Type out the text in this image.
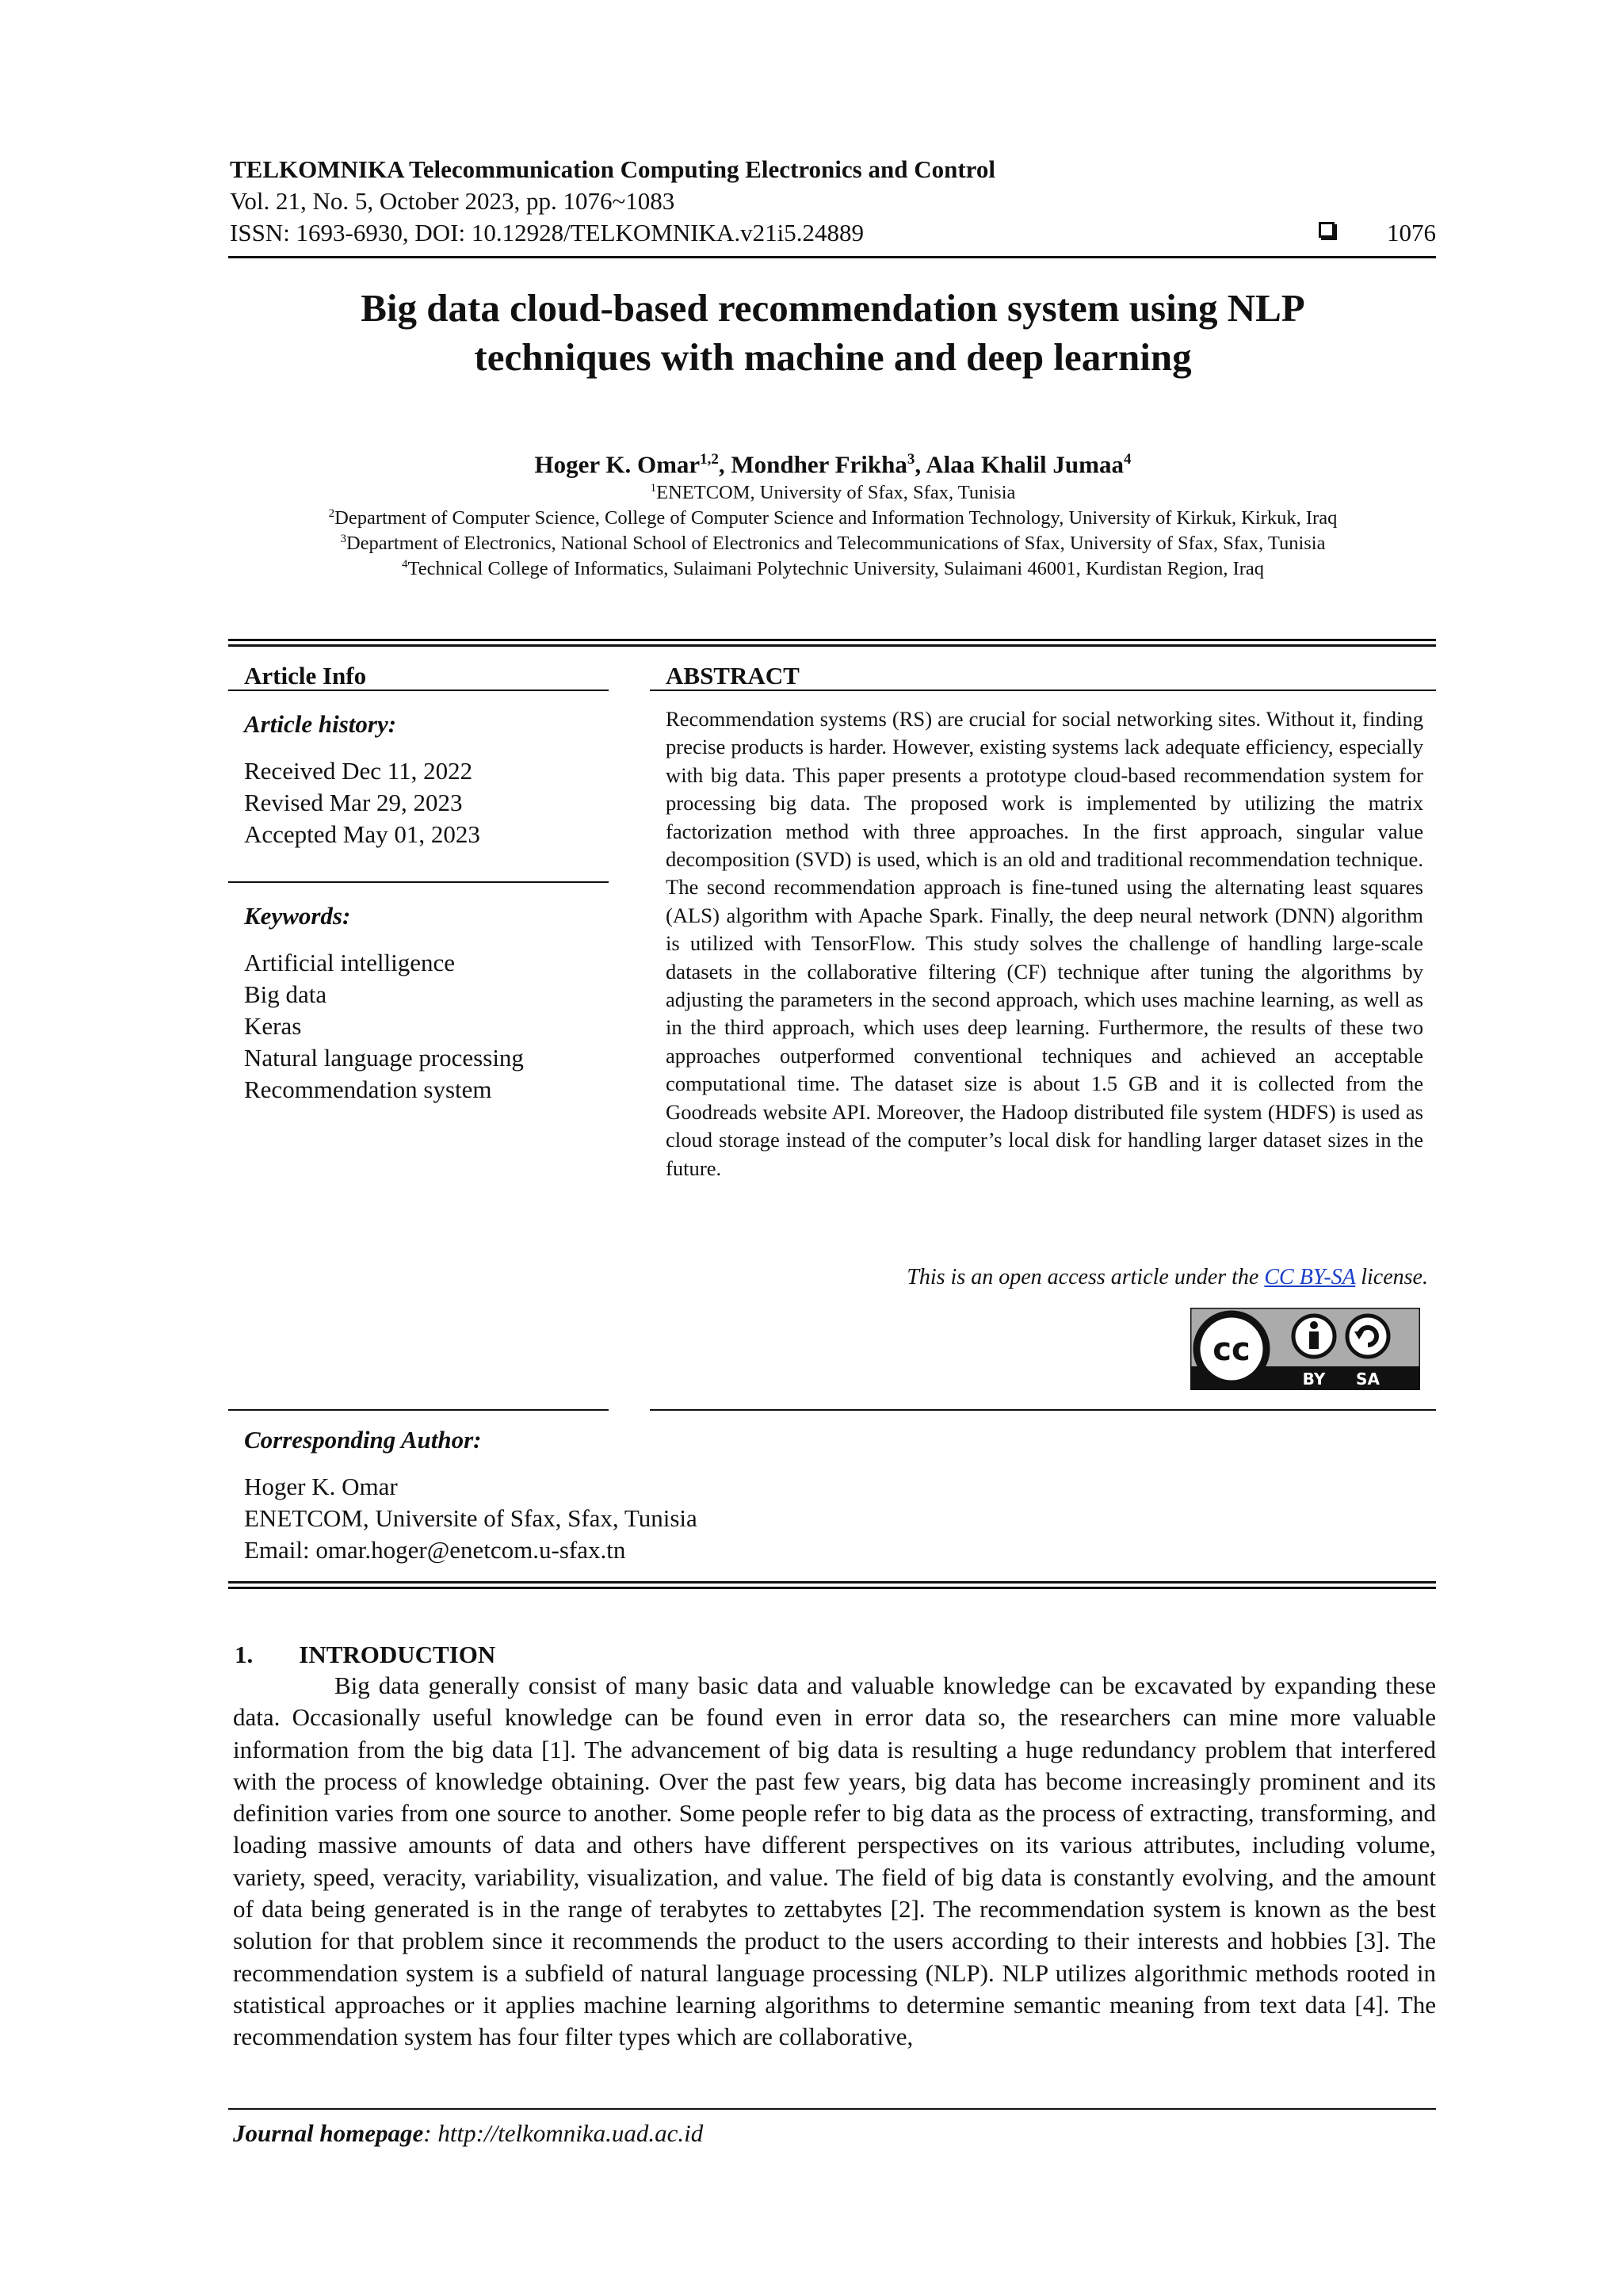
TELKOMNIKA Telecommunication Computing Electronics and Control
Vol. 21, No. 5, October 2023, pp. 1076~1083
ISSN: 1693-6930, DOI: 10.12928/TELKOMNIKA.v21i5.24889	1076
Big data cloud-based recommendation system using NLP
techniques with machine and deep learning
Hoger K. Omar$^{1,2}$, Mondher Frikha$^3$, Alaa Khalil Jumaa$^4$
$^1$ENETCOM, University of Sfax, Sfax, Tunisia
$^2$Department of Computer Science, College of Computer Science and Information Technology, University of Kirkuk, Kirkuk, Iraq
$^3$Department of Electronics, National School of Electronics and Telecommunications of Sfax, University of Sfax, Sfax, Tunisia
$^4$Technical College of Informatics, Sulaimani Polytechnic University, Sulaimani 46001, Kurdistan Region, Iraq
Article Info
Article history:
Received Dec 11, 2022
Revised Mar 29, 2023
Accepted May 01, 2023
Keywords:
Artificial intelligence
Big data
Keras
Natural language processing
Recommendation system
ABSTRACT
Recommendation systems (RS) are crucial for social networking sites. Without it, finding precise products is harder. However, existing systems lack adequate efficiency, especially with big data. This paper presents a prototype cloud-based recommendation system for processing big data. The proposed work is implemented by utilizing the matrix factorization method with three approaches. In the first approach, singular value decomposition (SVD) is used, which is an old and traditional recommendation technique. The second recommendation approach is fine-tuned using the alternating least squares (ALS) algorithm with Apache Spark. Finally, the deep neural network (DNN) algorithm is utilized with TensorFlow. This study solves the challenge of handling large-scale datasets in the collaborative filtering (CF) technique after tuning the algorithms by adjusting the parameters in the second approach, which uses machine learning, as well as in the third approach, which uses deep learning. Furthermore, the results of these two approaches outperformed conventional techniques and achieved an acceptable computational time. The dataset size is about 1.5 GB and it is collected from the Goodreads website API. Moreover, the Hadoop distributed file system (HDFS) is used as cloud storage instead of the computer’s local disk for handling larger dataset sizes in the future.
This is an open access article under the CC BY-SA license.
cc
BY SA
Corresponding Author:
Hoger K. Omar
ENETCOM, Universite of Sfax, Sfax, Tunisia
Email: omar.hoger@enetcom.u-sfax.tn
1. INTRODUCTION
Big data generally consist of many basic data and valuable knowledge can be excavated by expanding these data. Occasionally useful knowledge can be found even in error data so, the researchers can mine more valuable information from the big data [1]. The advancement of big data is resulting a huge redundancy problem that interfered with the process of knowledge obtaining. Over the past few years, big data has become increasingly prominent and its definition varies from one source to another. Some people refer to big data as the process of extracting, transforming, and loading massive amounts of data and others have different perspectives on its various attributes, including volume, variety, speed, veracity, variability, visualization, and value. The field of big data is constantly evolving, and the amount of data being generated is in the range of terabytes to zettabytes [2]. The recommendation system is known as the best solution for that problem since it recommends the product to the users according to their interests and hobbies [3]. The recommendation system is a subfield of natural language processing (NLP). NLP utilizes algorithmic methods rooted in statistical approaches or it applies machine learning algorithms to determine semantic meaning from text data [4]. The recommendation system has four filter types which are collaborative,
Journal homepage: http://telkomnika.uad.ac.id
